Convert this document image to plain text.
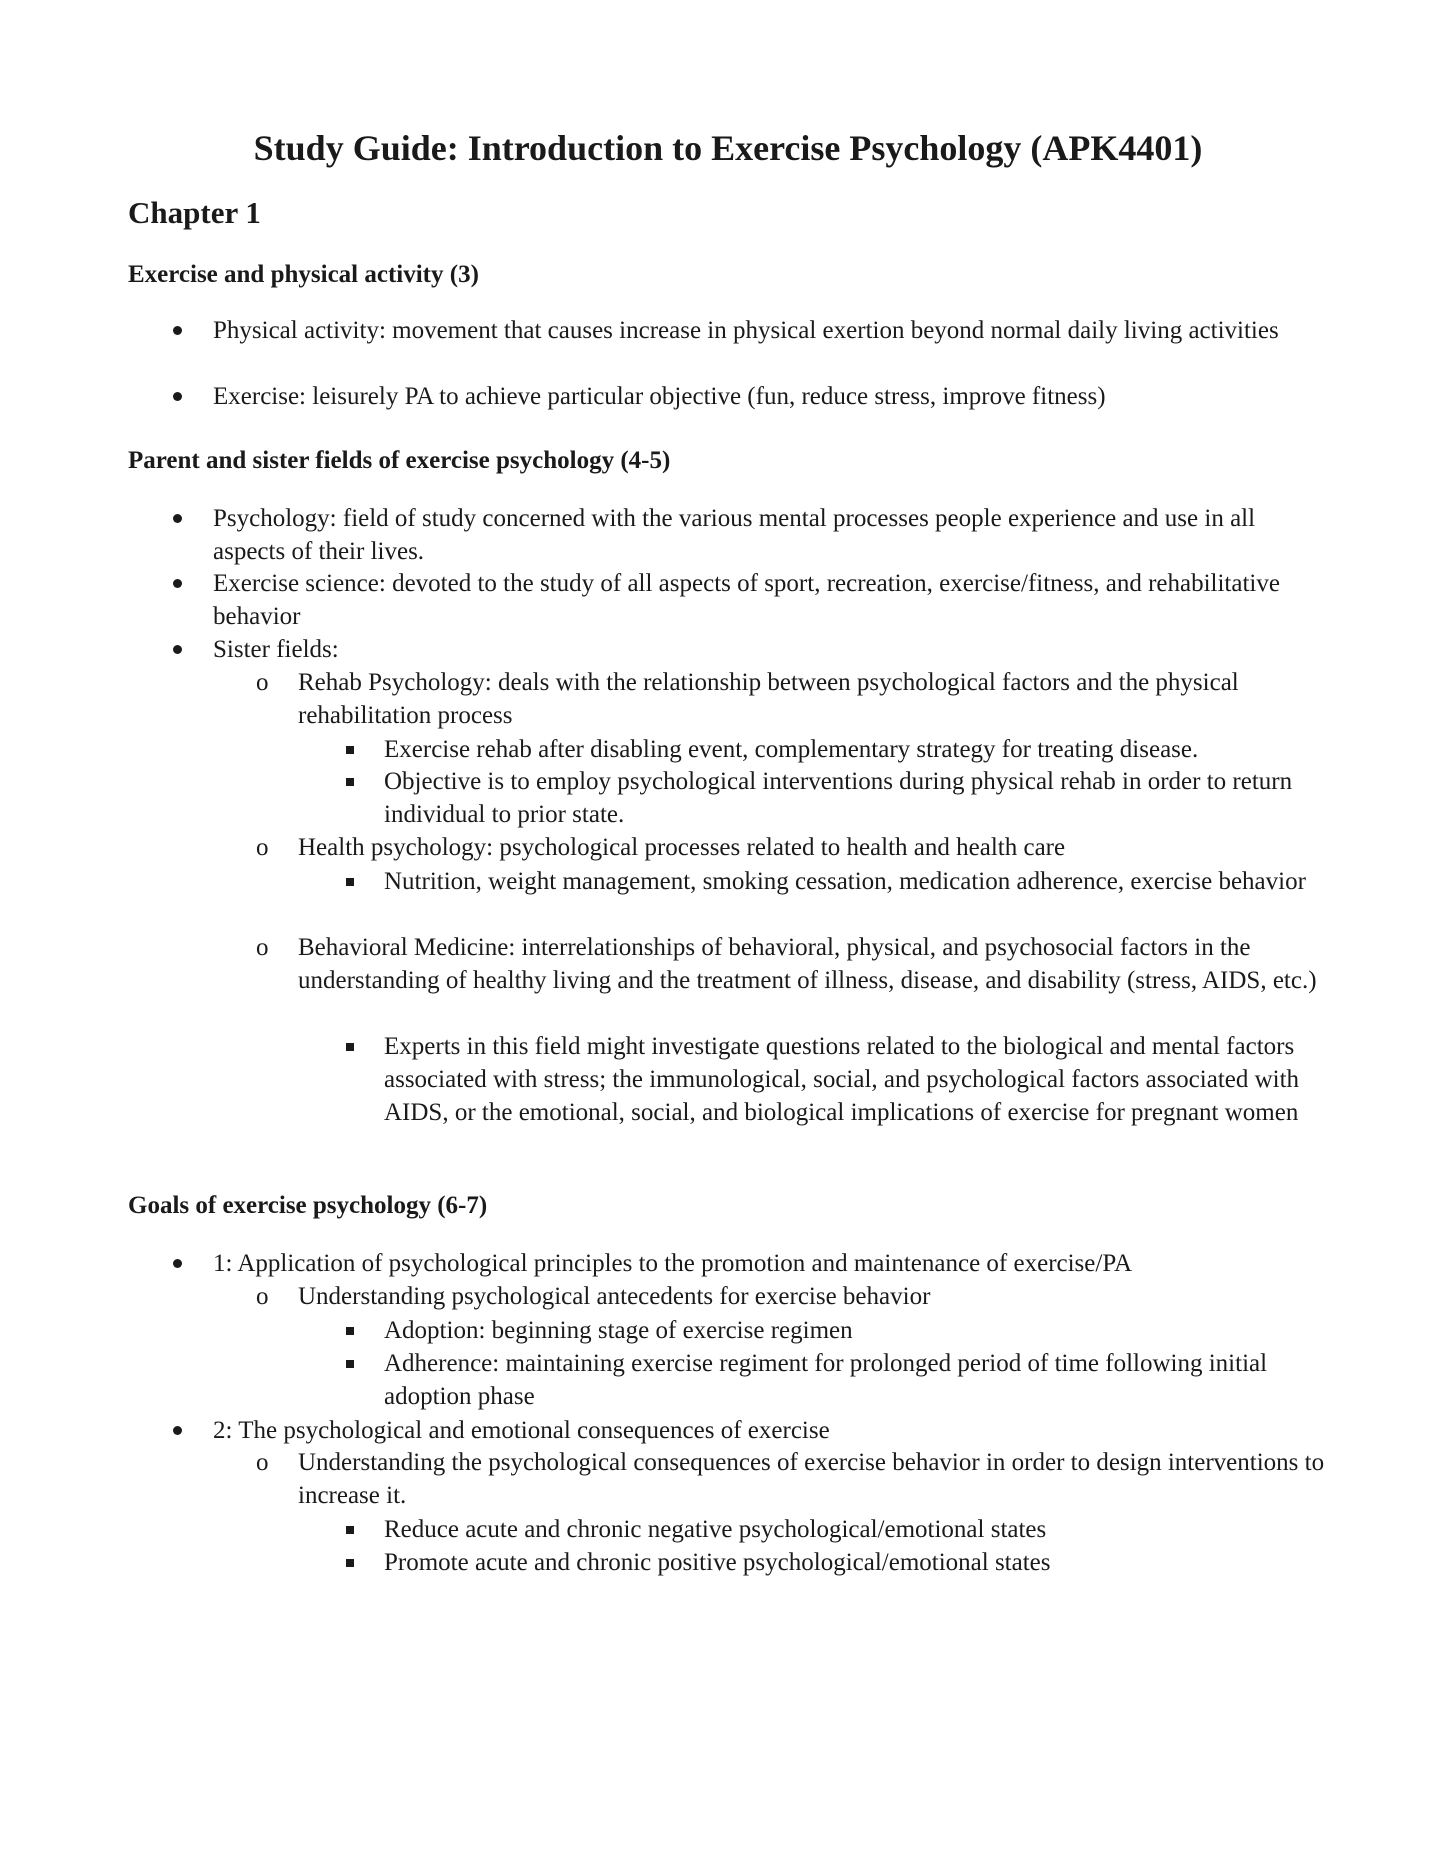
Study Guide: Introduction to Exercise Psychology (APK4401)
Chapter 1
Exercise and physical activity (3)

Physical activity: movement that causes increase in physical exertion beyond normal daily living activities

Exercise: leisurely PA to achieve particular objective (fun, reduce stress, improve fitness)

Parent and sister fields of exercise psychology (4-5)

Psychology: field of study concerned with the various mental processes people experience and use in all aspects of their lives.

Exercise science: devoted to the study of all aspects of sport, recreation, exercise/fitness, and rehabilitative behavior

Sister fields:

o Rehab Psychology: deals with the relationship between psychological factors and the physical rehabilitation process

Exercise rehab after disabling event, complementary strategy for treating disease.

Objective is to employ psychological interventions during physical rehab in order to return individual to prior state.

o Health psychology: psychological processes related to health and health care

Nutrition, weight management, smoking cessation, medication adherence, exercise behavior

o Behavioral Medicine: interrelationships of behavioral, physical, and psychosocial factors in the understanding of healthy living and the treatment of illness, disease, and disability (stress, AIDS, etc.)

Experts in this field might investigate questions related to the biological and mental factors associated with stress; the immunological, social, and psychological factors associated with AIDS, or the emotional, social, and biological implications of exercise for pregnant women

Goals of exercise psychology (6-7)

1: Application of psychological principles to the promotion and maintenance of exercise/PA

o Understanding psychological antecedents for exercise behavior

Adoption: beginning stage of exercise regimen

Adherence: maintaining exercise regiment for prolonged period of time following initial adoption phase

2: The psychological and emotional consequences of exercise

o Understanding the psychological consequences of exercise behavior in order to design interventions to increase it.

Reduce acute and chronic negative psychological/emotional states

Promote acute and chronic positive psychological/emotional states
